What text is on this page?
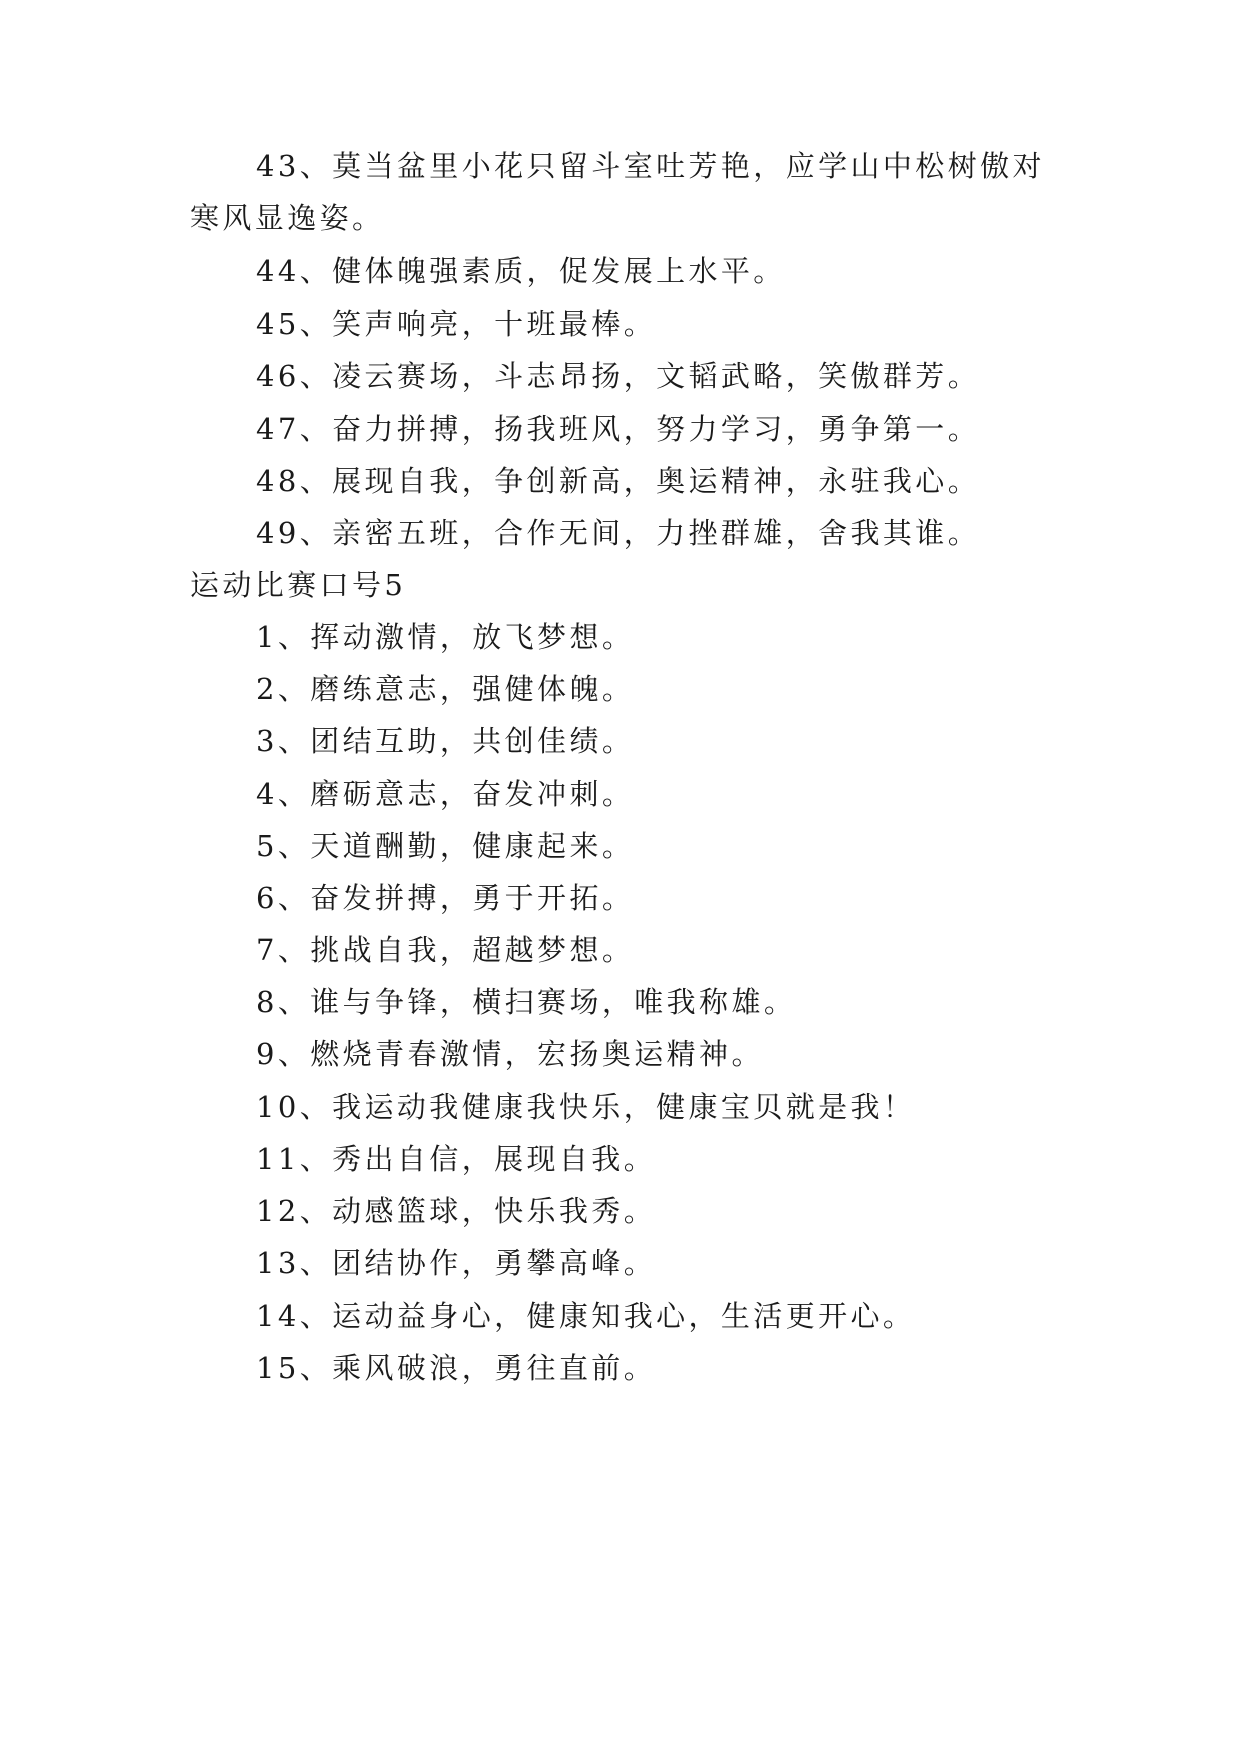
43、莫当盆里小花只留斗室吐芳艳，应学山中松树傲对
寒风显逸姿。
44、健体魄强素质，促发展上水平。
45、笑声响亮，十班最棒。
46、凌云赛场，斗志昂扬，文韬武略，笑傲群芳。
47、奋力拼搏，扬我班风，努力学习，勇争第一。
48、展现自我，争创新高，奥运精神，永驻我心。
49、亲密五班，合作无间，力挫群雄，舍我其谁。
运动比赛口号5
1、挥动激情，放飞梦想。
2、磨练意志，强健体魄。
3、团结互助，共创佳绩。
4、磨砺意志，奋发冲刺。
5、天道酬勤，健康起来。
6、奋发拼搏，勇于开拓。
7、挑战自我，超越梦想。
8、谁与争锋，横扫赛场，唯我称雄。
9、燃烧青春激情，宏扬奥运精神。
10、我运动我健康我快乐，健康宝贝就是我！
11、秀出自信，展现自我。
12、动感篮球，快乐我秀。
13、团结协作，勇攀高峰。
14、运动益身心，健康知我心，生活更开心。
15、乘风破浪，勇往直前。
